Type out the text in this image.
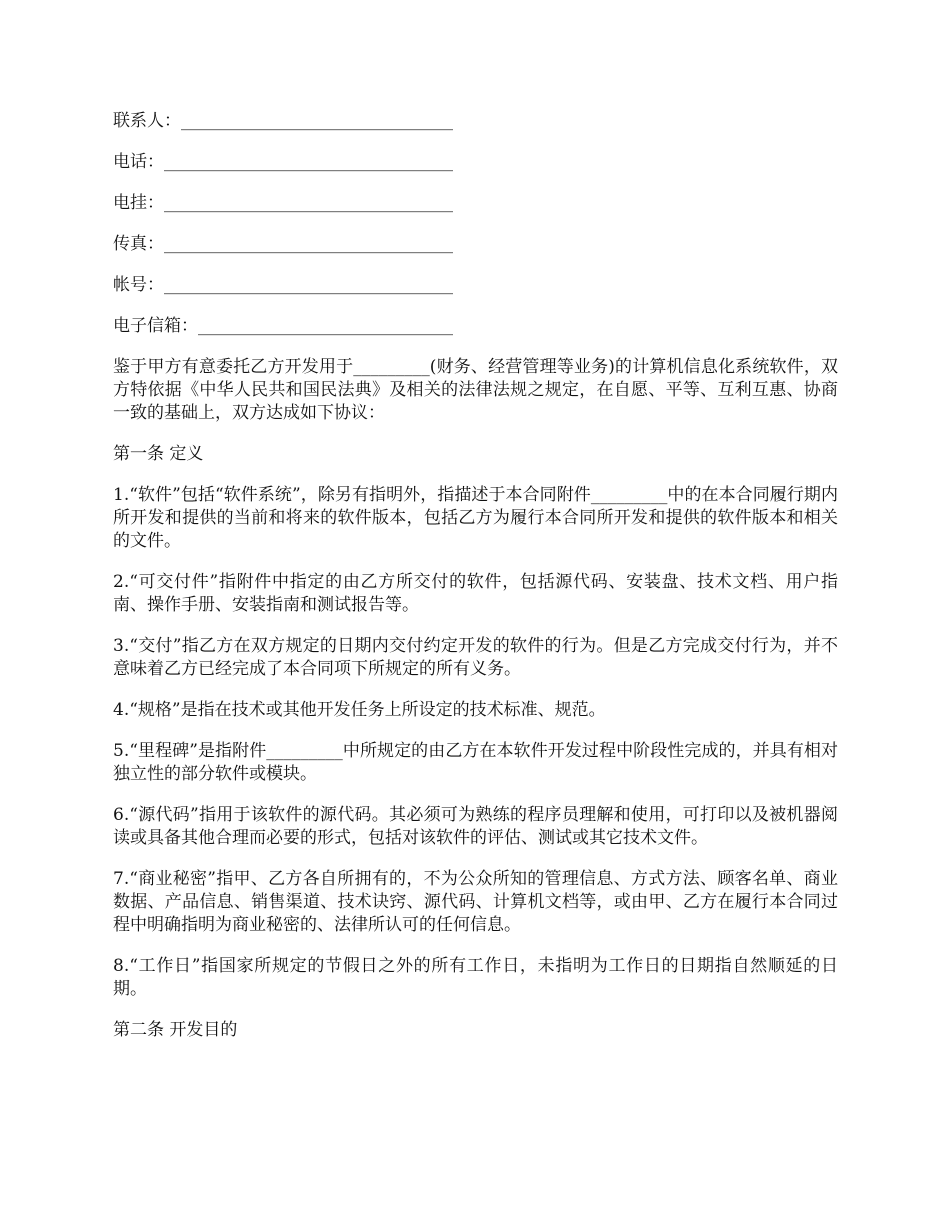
联系人：________________________________
电话：__________________________________
电挂：__________________________________
传真：__________________________________
帐号：__________________________________
电子信箱：______________________________

鉴于甲方有意委托乙方开发用于_________(财务、经营管理等业务)的计算机信息化系统软件，双方特依据《中华人民共和国民法典》及相关的法律法规之规定，在自愿、平等、互利互惠、协商一致的基础上，双方达成如下协议：

第一条 定义

1.“软件”包括“软件系统”，除另有指明外，指描述于本合同附件_________中的在本合同履行期内所开发和提供的当前和将来的软件版本，包括乙方为履行本合同所开发和提供的软件版本和相关的文件。

2.“可交付件”指附件中指定的由乙方所交付的软件，包括源代码、安装盘、技术文档、用户指南、操作手册、安装指南和测试报告等。

3.“交付”指乙方在双方规定的日期内交付约定开发的软件的行为。但是乙方完成交付行为，并不意味着乙方已经完成了本合同项下所规定的所有义务。

4.“规格”是指在技术或其他开发任务上所设定的技术标准、规范。

5.“里程碑”是指附件_________中所规定的由乙方在本软件开发过程中阶段性完成的，并具有相对独立性的部分软件或模块。

6.“源代码”指用于该软件的源代码。其必须可为熟练的程序员理解和使用，可打印以及被机器阅读或具备其他合理而必要的形式，包括对该软件的评估、测试或其它技术文件。

7.“商业秘密”指甲、乙方各自所拥有的，不为公众所知的管理信息、方式方法、顾客名单、商业数据、产品信息、销售渠道、技术诀窍、源代码、计算机文档等，或由甲、乙方在履行本合同过程中明确指明为商业秘密的、法律所认可的任何信息。

8.“工作日”指国家所规定的节假日之外的所有工作日，未指明为工作日的日期指自然顺延的日期。

第二条 开发目的
